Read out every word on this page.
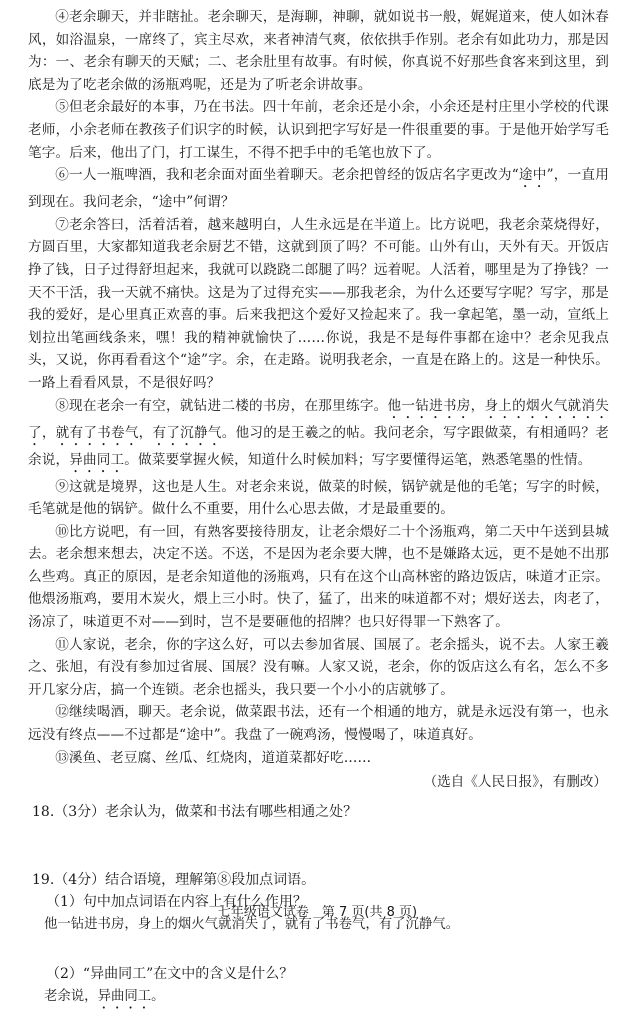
④老余聊天，并非瞎扯。老余聊天，是海聊，神聊，就如说书一般，娓娓道来，使人如沐春风，如浴温泉，一席终了，宾主尽欢，来者神清气爽，依依拱手作别。老余有如此功力，那是因为：一、老余有聊天的天赋；二、老余肚里有故事。有时候，你真说不好那些食客来到这里，到底是为了吃老余做的汤瓶鸡呢，还是为了听老余讲故事。

⑤但老余最好的本事，乃在书法。四十年前，老余还是小余，小余还是村庄里小学校的代课老师，小余老师在教孩子们识字的时候，认识到把字写好是一件很重要的事。于是他开始学写毛笔字。后来，他出了门，打工谋生，不得不把手中的毛笔也放下了。

⑥一人一瓶啤酒，我和老余面对面坐着聊天。老余把曾经的饭店名字更改为“途中”，一直用到现在。我问老余，“途中”何谓？

⑦老余答曰，活着活着，越来越明白，人生永远是在半道上。比方说吧，我老余菜烧得好，方圆百里，大家都知道我老余厨艺不错，这就到顶了吗？不可能。山外有山，天外有天。开饭店挣了钱，日子过得舒坦起来，我就可以跷跷二郎腿了吗？远着呢。人活着，哪里是为了挣钱？一天不干活，我一天就不痛快。这是为了过得充实——那我老余，为什么还要写字呢？写字，那是我的爱好，是心里真正欢喜的事。后来我把这个爱好又捡起来了。我一拿起笔，墨一动，宣纸上划拉出笔画线条来，嘿！我的精神就愉快了……你说，我是不是每件事都在途中？老余见我点头，又说，你再看看这个“途”字。余，在走路。说明我老余，一直是在路上的。这是一种快乐。一路上看看风景，不是很好吗？

⑧现在老余一有空，就钻进二楼的书房，在那里练字。他一钻进书房，身上的烟火气就消失了，就有了书卷气，有了沉静气。他习的是王羲之的帖。我问老余，写字跟做菜，有相通吗？老余说，异曲同工。做菜要掌握火候，知道什么时候加料；写字要懂得运笔，熟悉笔墨的性情。

⑨这就是境界，这也是人生。对老余来说，做菜的时候，锅铲就是他的毛笔；写字的时候，毛笔就是他的锅铲。做什么不重要，用什么心思去做，才是最重要的。

⑩比方说吧，有一回，有熟客要接待朋友，让老余煨好二十个汤瓶鸡，第二天中午送到县城去。老余想来想去，决定不送。不送，不是因为老余要大牌，也不是嫌路太远，更不是她不出那么些鸡。真正的原因，是老余知道他的汤瓶鸡，只有在这个山高林密的路边饭店，味道才正宗。他煨汤瓶鸡，要用木炭火，煨上三小时。快了，猛了，出来的味道都不对；煨好送去，肉老了，汤凉了，味道更不对——到时，岂不是要砸他的招牌？也只好得罪一下熟客了。

⑪人家说，老余，你的字这么好，可以去参加省展、国展了。老余摇头，说不去。人家王羲之、张旭，有没有参加过省展、国展？没有嘛。人家又说，老余，你的饭店这么有名，怎么不多开几家分店，搞一个连锁。老余也摇头，我只要一个小小的店就够了。

⑫继续喝酒，聊天。老余说，做菜跟书法，还有一个相通的地方，就是永远没有第一，也永远没有终点——不过都是“途中”。我盘了一碗鸡汤，慢慢喝了，味道真好。

⑬溪鱼、老豆腐、丝瓜、红烧肉，道道菜都好吃……

（选自《人民日报》，有删改）

18.（3分）老余认为，做菜和书法有哪些相通之处？

19.（4分）结合语境，理解第⑧段加点词语。

（1）句中加点词语在内容上有什么作用？

他一钻进书房，身上的烟火气就消失了，就有了书卷气，有了沉静气。

（2）“异曲同工”在文中的含义是什么？

老余说，异曲同工。

七年级语文试卷　第 7 页(共 8 页)
